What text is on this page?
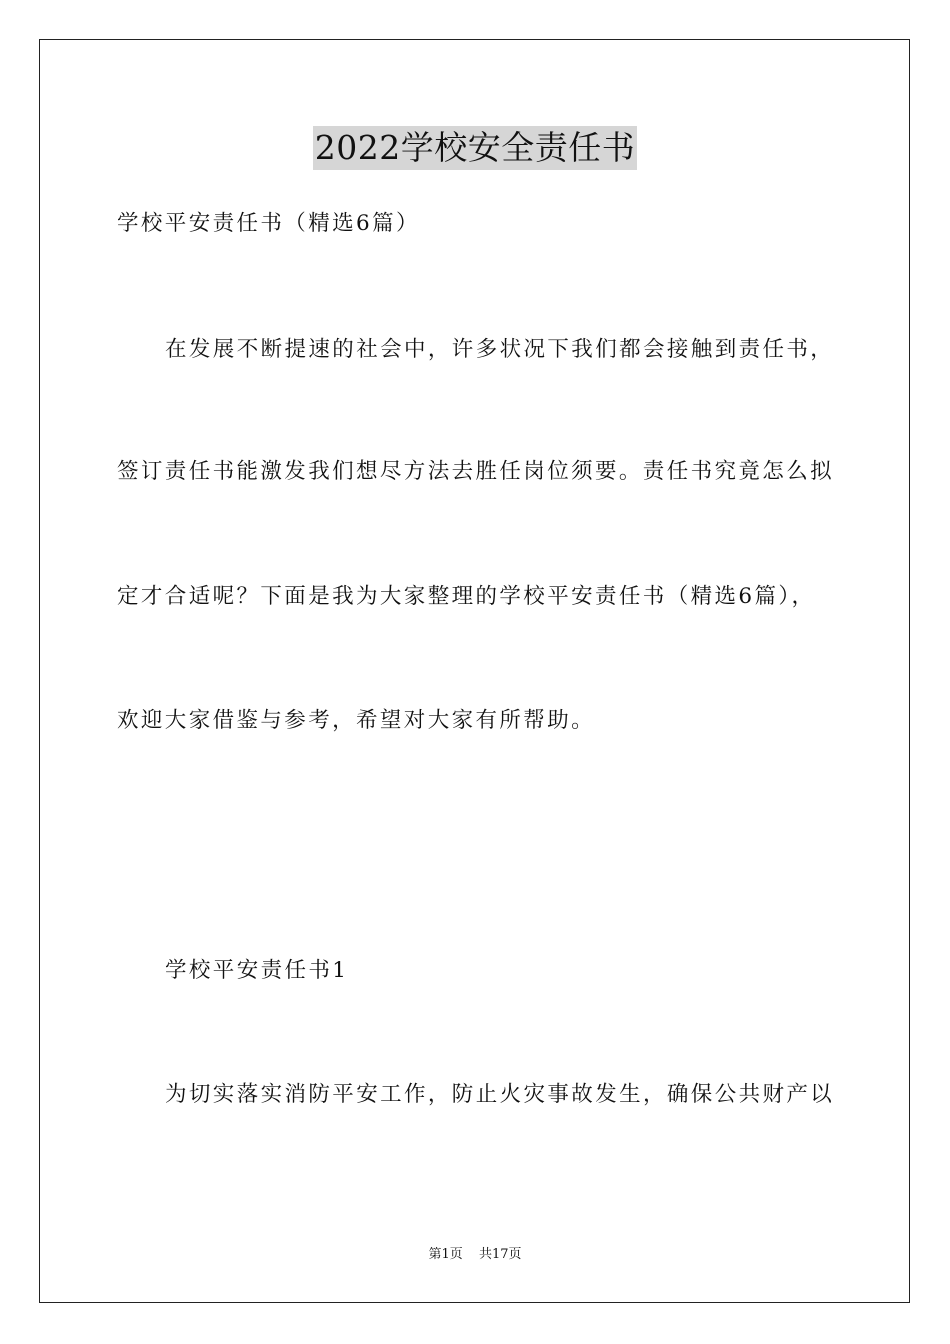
2022学校安全责任书
学校平安责任书（精选6篇）
在发展不断提速的社会中，许多状况下我们都会接触到责任书，
签订责任书能激发我们想尽方法去胜任岗位须要。责任书究竟怎么拟
定才合适呢？下面是我为大家整理的学校平安责任书（精选6篇），
欢迎大家借鉴与参考，希望对大家有所帮助。
学校平安责任书1
为切实落实消防平安工作，防止火灾事故发生，确保公共财产以
第1页 共17页
